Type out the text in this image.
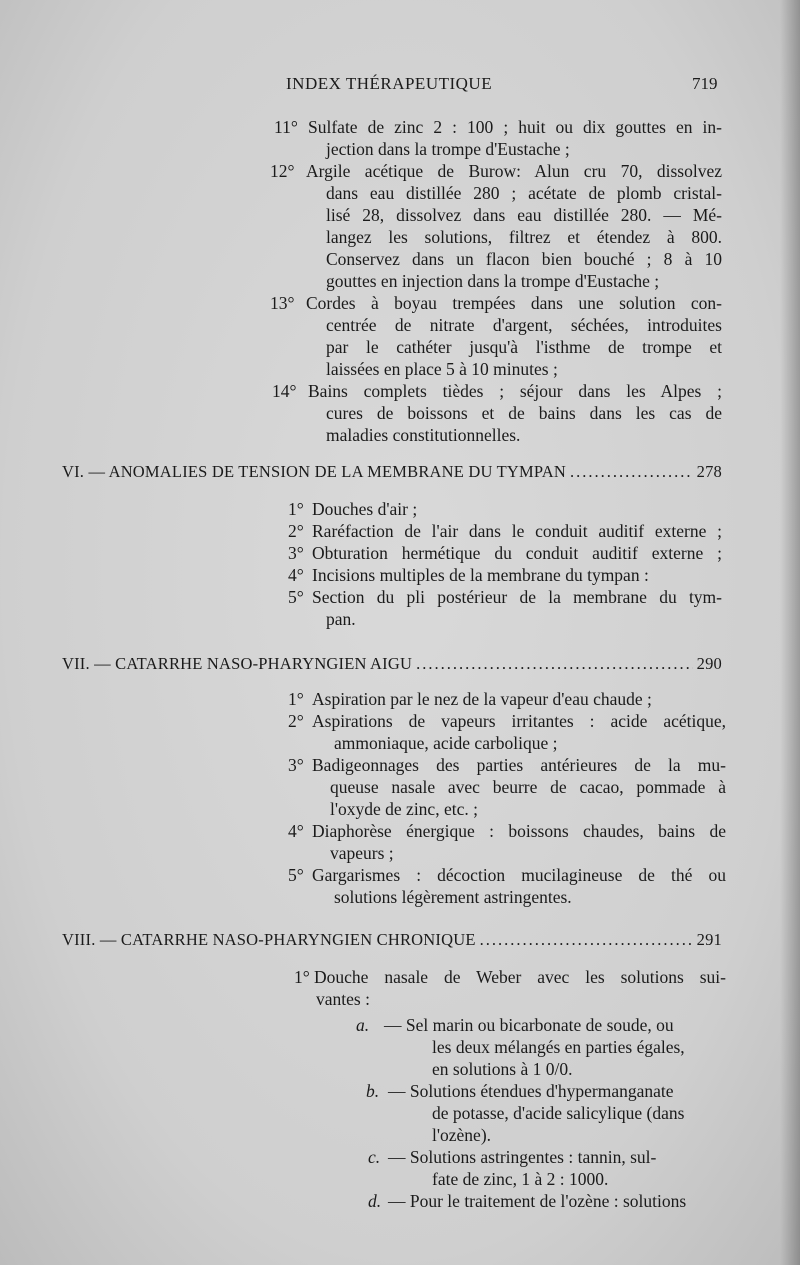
INDEX THÉRAPEUTIQUE	719
11° Sulfate de zinc 2 : 100 ; huit ou dix gouttes en in-
jection dans la trompe d'Eustache ;
12° Argile acétique de Burow: Alun cru 70, dissolvez
dans eau distillée 280 ; acétate de plomb cristal-
lisé 28, dissolvez dans eau distillée 280. — Mé-
langez les solutions, filtrez et étendez à 800.
Conservez dans un flacon bien bouché ; 8 à 10
gouttes en injection dans la trompe d'Eustache ;
13° Cordes à boyau trempées dans une solution con-
centrée de nitrate d'argent, séchées, introduites
par le cathéter jusqu'à l'isthme de trompe et
laissées en place 5 à 10 minutes ;
14° Bains complets tièdes ; séjour dans les Alpes ;
cures de boissons et de bains dans les cas de
maladies constitutionnelles.
VI. — ANOMALIES DE TENSION DE LA MEMBRANE DU TYMPAN .....	278
1° Douches d'air ;
2° Raréfaction de l'air dans le conduit auditif externe ;
3° Obturation hermétique du conduit auditif externe ;
4° Incisions multiples de la membrane du tympan :
5° Section du pli postérieur de la membrane du tym-
pan.
VII. — CATARRHE NASO-PHARYNGIEN AIGU .....	290
1° Aspiration par le nez de la vapeur d'eau chaude ;
2° Aspirations de vapeurs irritantes : acide acétique,
ammoniaque, acide carbolique ;
3° Badigeonnages des parties antérieures de la mu-
queuse nasale avec beurre de cacao, pommade à
l'oxyde de zinc, etc. ;
4° Diaphorèse énergique : boissons chaudes, bains de
vapeurs ;
5° Gargarismes : décoction mucilagineuse de thé ou
solutions légèrement astringentes.
VIII. — CATARRHE NASO-PHARYNGIEN CHRONIQUE .....	291
1° Douche nasale de Weber avec les solutions sui-
vantes :
a. — Sel marin ou bicarbonate de soude, ou
les deux mélangés en parties égales,
en solutions à 1 0/0.
b. — Solutions étendues d'hypermanganate
de potasse, d'acide salicylique (dans
l'ozène).
c. — Solutions astringentes : tannin, sul-
fate de zinc, 1 à 2 : 1000.
d. — Pour le traitement de l'ozène : solutions
